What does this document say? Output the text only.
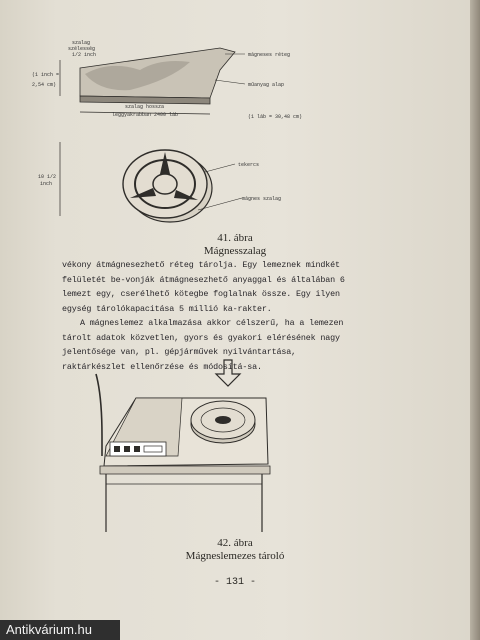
szalag
szélesség
1/2 inch
(1 inch =
2,54 cm)
mágneses réteg
műanyag alap
szalag hossza
leggyakrabban 2400 láb	(1 láb = 30,48 cm)
10 1/2
inch
tekercs
mágnes szalag
41. ábra
Mágnesszalag

vékony átmágnesezhető réteg tárolja. Egy lemeznek mindkét felületét be-vonják átmágnesezhető anyaggal és általában 6 lemezt egy, cserélhető kötegbe foglalnak össze. Egy ilyen egység tárolókapacitása 5 millió ka-rakter.

A mágneslemez alkalmazása akkor célszerű, ha a lemezen tárolt adatok közvetlen, gyors és gyakori elérésének nagy jelentősége van, pl. gépjárművek nyilvántartása, raktárkészlet ellenőrzése és módosítá-sa.

42. ábra
Mágneslemezes tároló
- 131 -
Antikvárium.hu
